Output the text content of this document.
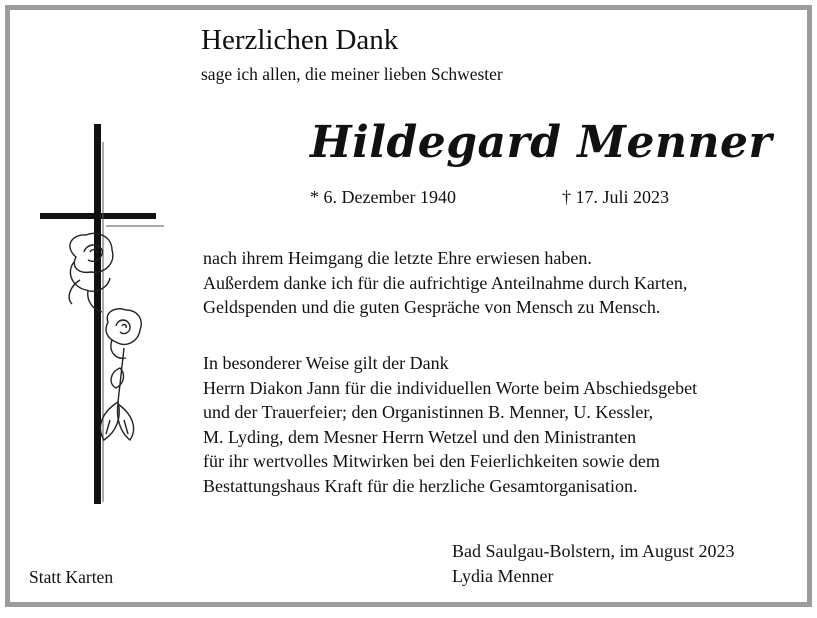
Herzlichen Dank
sage ich allen, die meiner lieben Schwester
Hildegard Menner
* 6. Dezember 1940	† 17. Juli 2023
nach ihrem Heimgang die letzte Ehre erwiesen haben.
Außerdem danke ich für die aufrichtige Anteilnahme durch Karten,
Geldspenden und die guten Gespräche von Mensch zu Mensch.
In besonderer Weise gilt der Dank
Herrn Diakon Jann für die individuellen Worte beim Abschiedsgebet
und der Trauerfeier; den Organistinnen B. Menner, U. Kessler,
M. Lyding, dem Mesner Herrn Wetzel und den Ministranten
für ihr wertvolles Mitwirken bei den Feierlichkeiten sowie dem
Bestattungshaus Kraft für die herzliche Gesamtorganisation.
Bad Saulgau-Bolstern, im August 2023
Lydia Menner
Statt Karten
